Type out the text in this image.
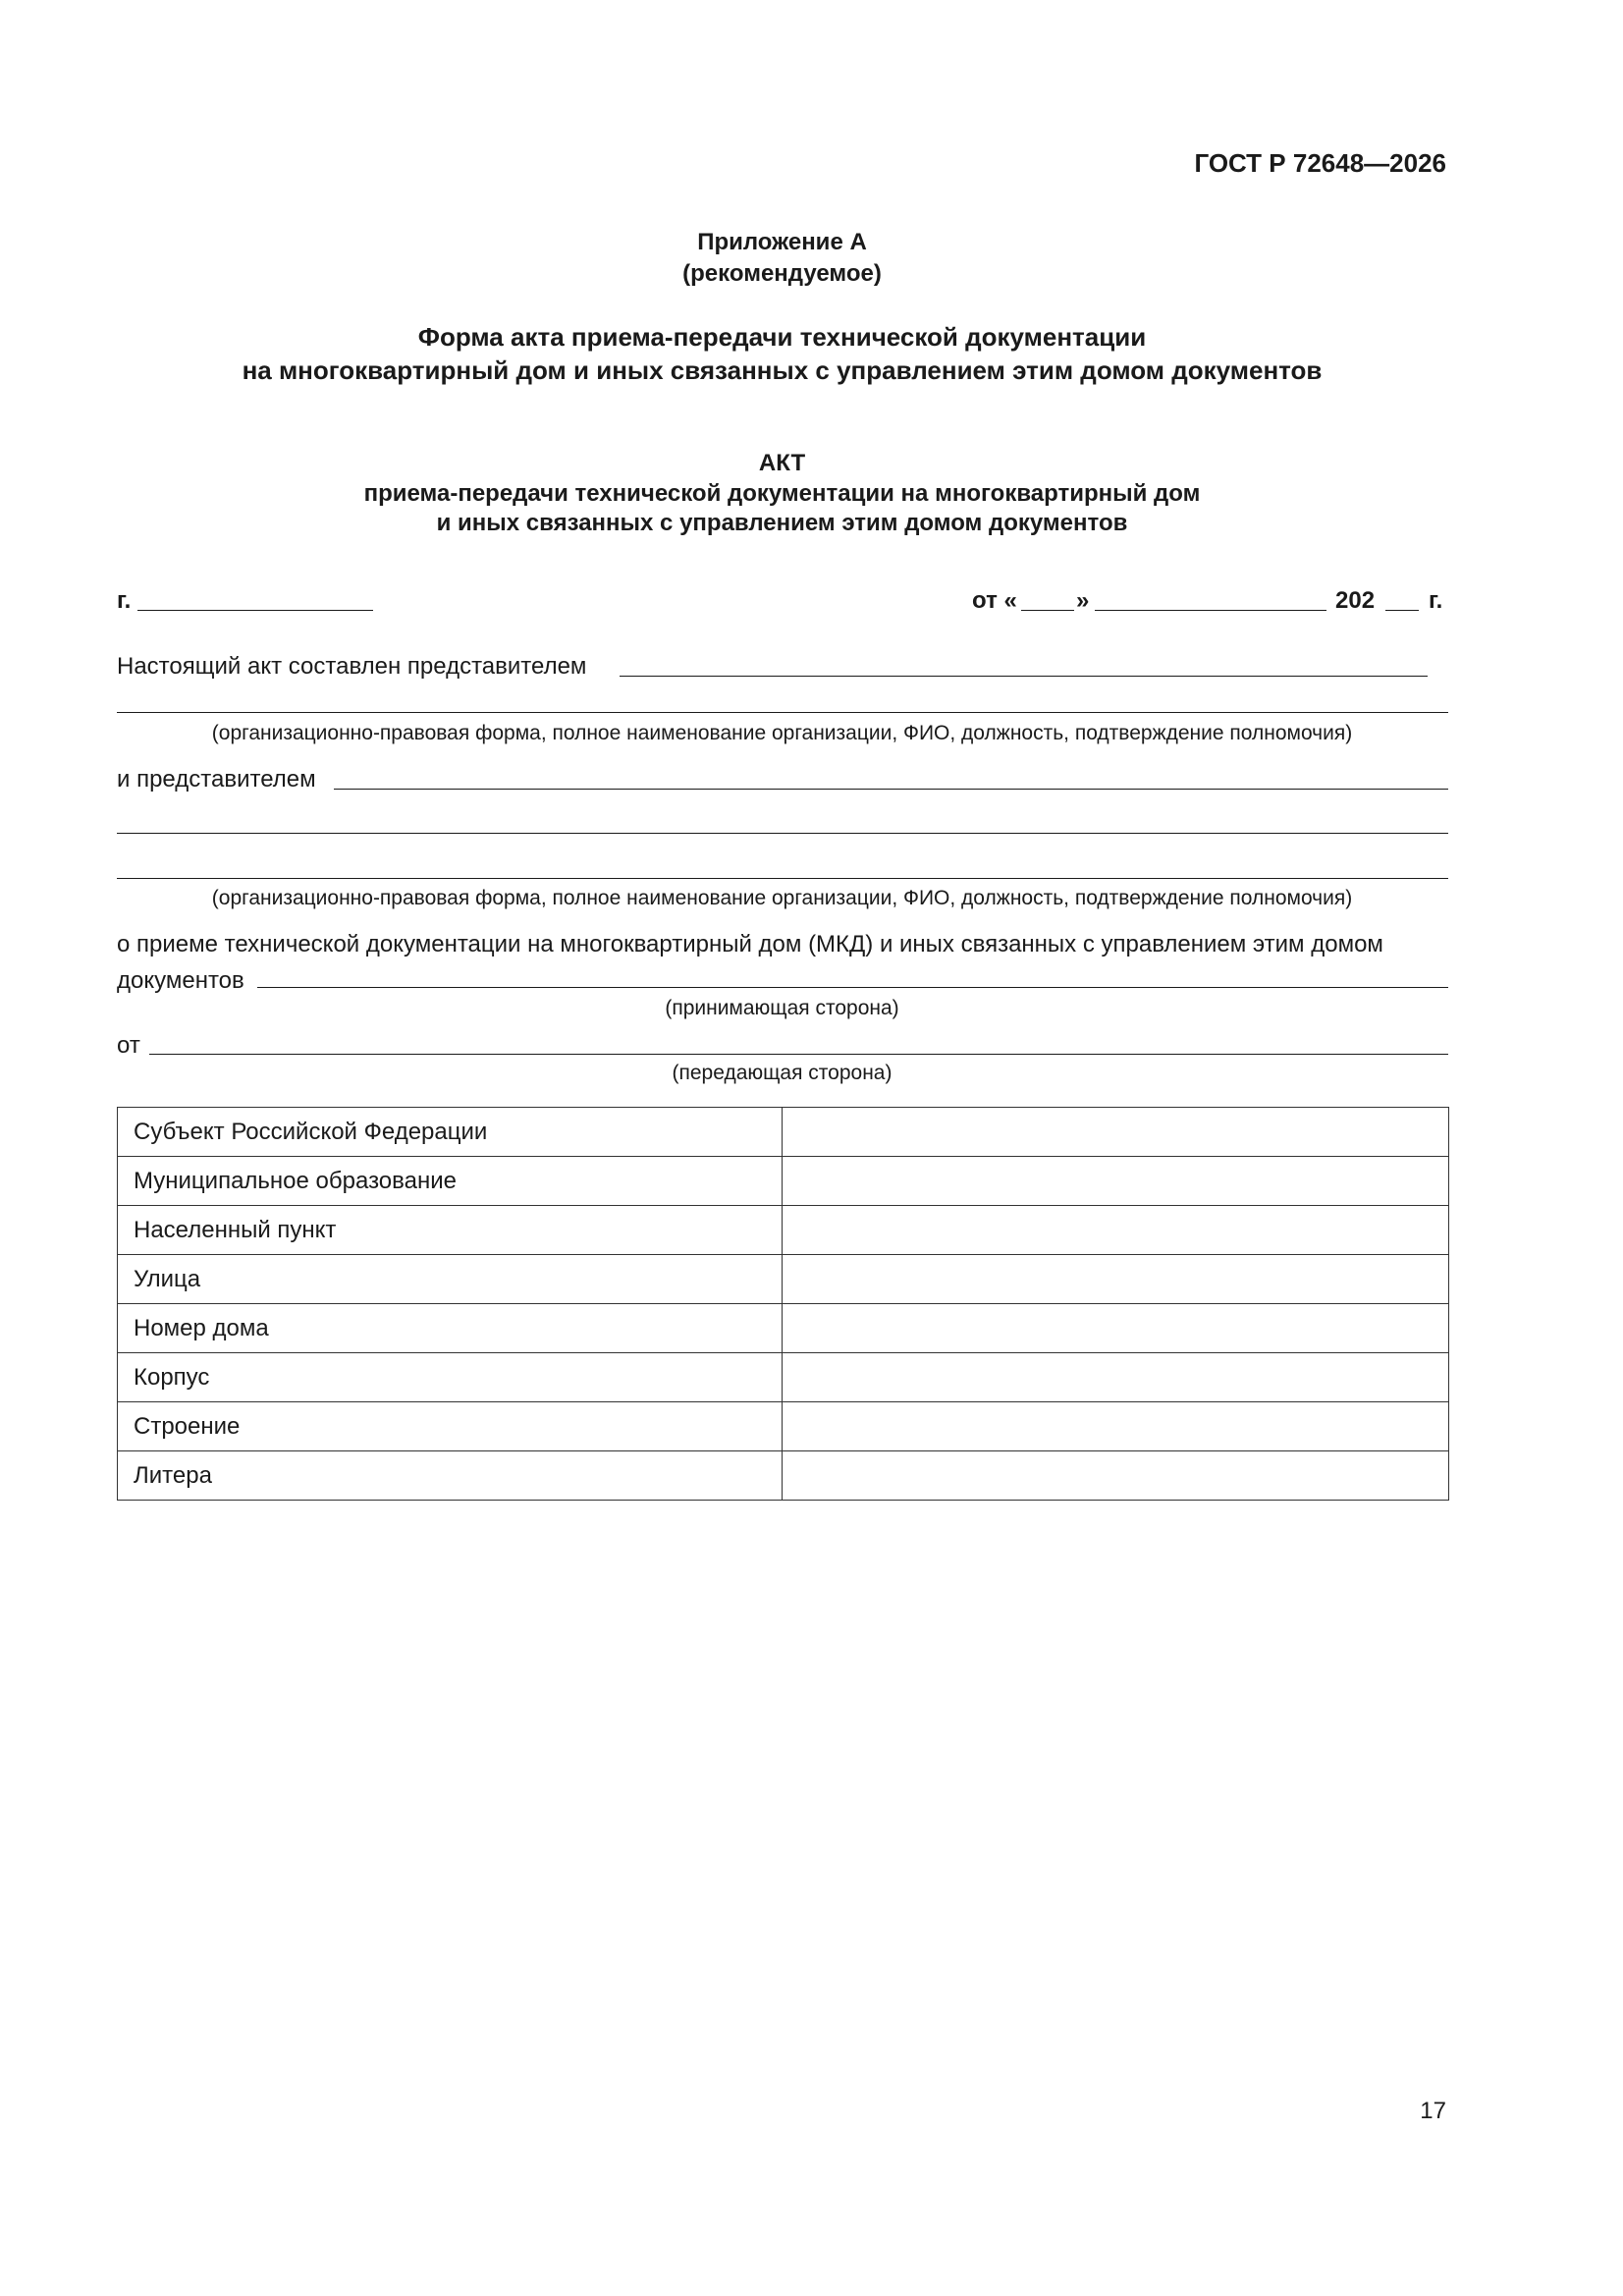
ГОСТ Р 72648—2026
Приложение А
(рекомендуемое)
Форма акта приема-передачи технической документации
на многоквартирный дом и иных связанных с управлением этим домом документов
АКТ
приема-передачи технической документации на многоквартирный дом
и иных связанных с управлением этим домом документов
г.	от «	»	202 г.
Настоящий акт составлен представителем
(организационно-правовая форма, полное наименование организации, ФИО, должность, подтверждение полномочия)
и представителем
(организационно-правовая форма, полное наименование организации, ФИО, должность, подтверждение полномочия)
о приеме технической документации на многоквартирный дом (МКД) и иных связанных с управлением этим домом
документов
(принимающая сторона)
от
(передающая сторона)
Субъект Российской Федерации	
Муниципальное образование	
Населенный пункт	
Улица	
Номер дома	
Корпус	
Строение	
Литера	
17
